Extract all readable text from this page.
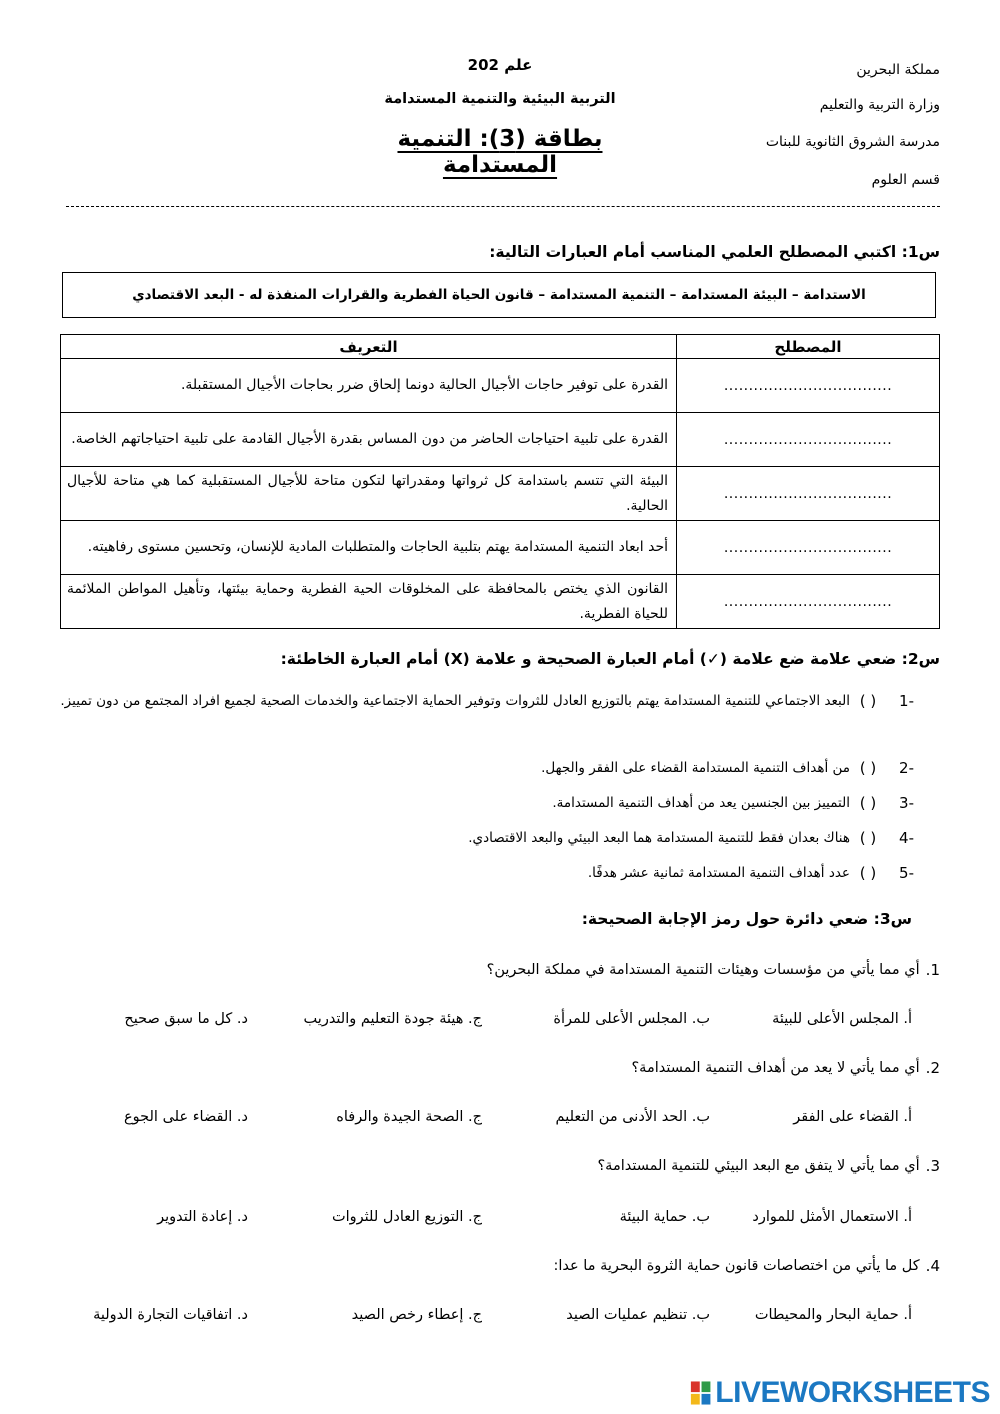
مملكة البحرين
وزارة التربية والتعليم
مدرسة الشروق الثانوية للبنات
قسم العلوم
علم 202
التربية البيئية والتنمية المستدامة
بطاقة (3): التنمية المستدامة
س1: اكتبي المصطلح العلمي المناسب أمام العبارات التالية:
الاستدامة – البيئة المستدامة – التنمية المستدامة – قانون الحياة الفطرية والقرارات المنفذة له - البعد الاقتصادي
المصطلح	التعريف
..................................	القدرة على توفير حاجات الأجيال الحالية دونما إلحاق ضرر بحاجات الأجيال المستقبلة.
..................................	القدرة على تلبية احتياجات الحاضر من دون المساس بقدرة الأجيال القادمة على تلبية احتياجاتهم الخاصة.
..................................	البيئة التي تتسم باستدامة كل ثرواتها ومقدراتها لتكون متاحة للأجيال المستقبلية كما هي متاحة للأجيال الحالية.
..................................	أحد ابعاد التنمية المستدامة يهتم بتلبية الحاجات والمتطلبات المادية للإنسان، وتحسين مستوى رفاهيته.
..................................	القانون الذي يختص بالمحافظة على المخلوقات الحية الفطرية وحماية بيئتها، وتأهيل المواطن الملائمة للحياة الفطرية.
س2: ضعي علامة ضع علامة (✓) أمام العبارة الصحيحة و علامة (X) أمام العبارة الخاطئة:
-1
( )
البعد الاجتماعي للتنمية المستدامة يهتم بالتوزيع العادل للثروات وتوفير الحماية الاجتماعية والخدمات الصحية لجميع افراد المجتمع من دون تمييز.
-2
( )
من أهداف التنمية المستدامة القضاء على الفقر والجهل.
-3
( )
التمييز بين الجنسين يعد من أهداف التنمية المستدامة.
-4
( )
هناك بعدان فقط للتنمية المستدامة هما البعد البيئي والبعد الاقتصادي.
-5
( )
عدد أهداف التنمية المستدامة ثمانية عشر هدفًا.
س3: ضعي دائرة حول رمز الإجابة الصحيحة:
1.
أي مما يأتي من مؤسسات وهيئات التنمية المستدامة في مملكة البحرين؟
أ. المجلس الأعلى للبيئة
ب. المجلس الأعلى للمرأة
ج. هيئة جودة التعليم والتدريب
د. كل ما سبق صحيح
2.
أي مما يأتي لا يعد من أهداف التنمية المستدامة؟
أ. القضاء على الفقر
ب. الحد الأدنى من التعليم
ج. الصحة الجيدة والرفاه
د. القضاء على الجوع
3.
أي مما يأتي لا يتفق مع البعد البيئي للتنمية المستدامة؟
أ. الاستعمال الأمثل للموارد
ب. حماية البيئة
ج. التوزيع العادل للثروات
د. إعادة التدوير
4.
كل ما يأتي من اختصاصات قانون حماية الثروة البحرية ما عدا:
أ. حماية البحار والمحيطات
ب. تنظيم عمليات الصيد
ج. إعطاء رخص الصيد
د. اتفاقيات التجارة الدولية
LIVEWORKSHEETS
